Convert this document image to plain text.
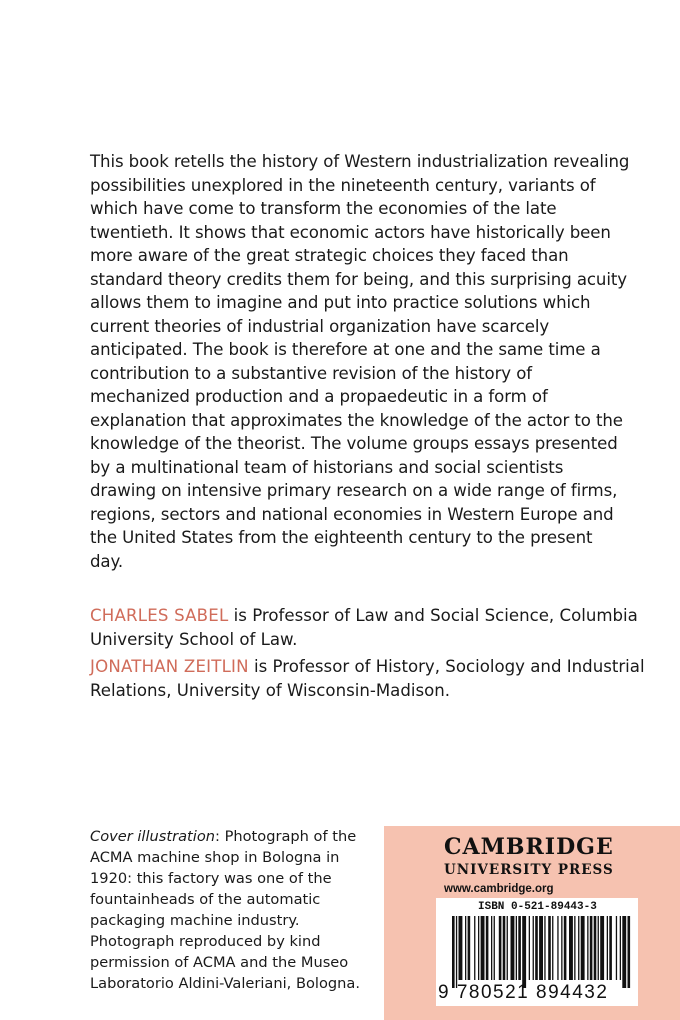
This book retells the history of Western industrialization revealing possibilities unexplored in the nineteenth century, variants of which have come to transform the economies of the late twentieth. It shows that economic actors have historically been more aware of the great strategic choices they faced than standard theory credits them for being, and this surprising acuity allows them to imagine and put into practice solutions which current theories of industrial organization have scarcely anticipated. The book is therefore at one and the same time a contribution to a substantive revision of the history of mechanized production and a propaedeutic in a form of explanation that approximates the knowledge of the actor to the knowledge of the theorist. The volume groups essays presented by a multinational team of historians and social scientists drawing on intensive primary research on a wide range of firms, regions, sectors and national economies in Western Europe and the United States from the eighteenth century to the present day.

CHARLES SABEL is Professor of Law and Social Science, Columbia University School of Law.

JONATHAN ZEITLIN is Professor of History, Sociology and Industrial Relations, University of Wisconsin-Madison.

Cover illustration: Photograph of the ACMA machine shop in Bologna in 1920: this factory was one of the fountainheads of the automatic packaging machine industry. Photograph reproduced by kind permission of ACMA and the Museo Laboratorio Aldini-Valeriani, Bologna.

CAMBRIDGE
UNIVERSITY PRESS
www.cambridge.org
ISBN 0-521-89443-3
9 780521 894432
